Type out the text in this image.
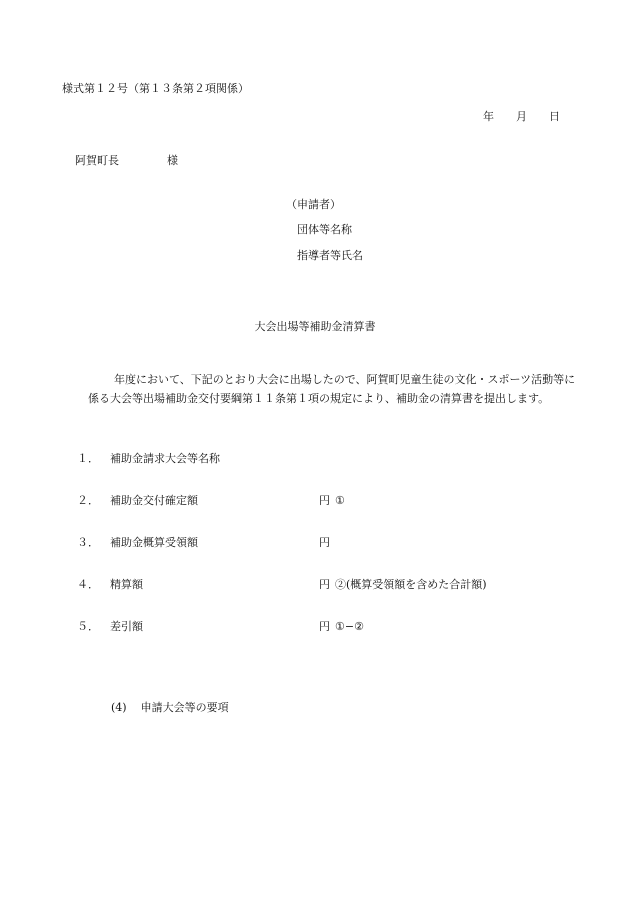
様式第１２号（第１３条第２項関係）
年 月 日
阿賀町長	様
（申請者）
団体等名称
指導者等氏名
大会出場等補助金清算書
年度において、下記のとおり大会に出場したので、阿賀町児童生徒の文化・スポーツ活動等に係る大会等出場補助金交付要綱第１１条第１項の規定により、補助金の清算書を提出します。
１． 補助金請求大会等名称
２． 補助金交付確定額	円 ①
３． 補助金概算受領額	円
４． 精算額	円 ②(概算受領額を含めた合計額)
５． 差引額	円 ①−②
(4) 申請大会等の要項
